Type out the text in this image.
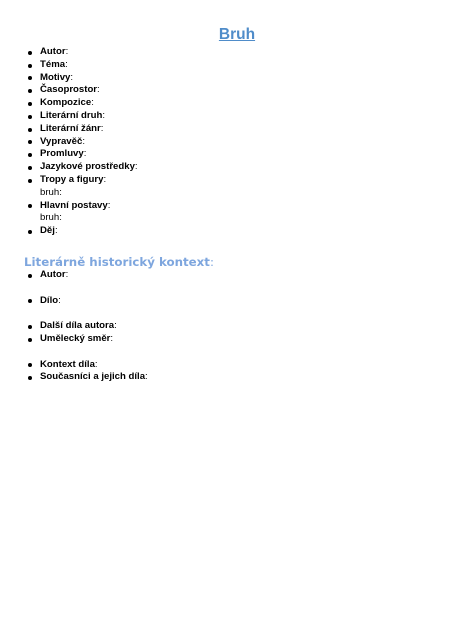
Bruh
Autor:
Téma:
Motivy:
Časoprostor:
Kompozice:
Literární druh:
Literární žánr:
Vypravěč:
Promluvy:
Jazykové prostředky:
Tropy a figury:
bruh:
Hlavní postavy:
bruh:
Děj:
Literárně historický kontext:
Autor:
Dílo:
Další díla autora:
Umělecký směr:
Kontext díla:
Současníci a jejich díla:
